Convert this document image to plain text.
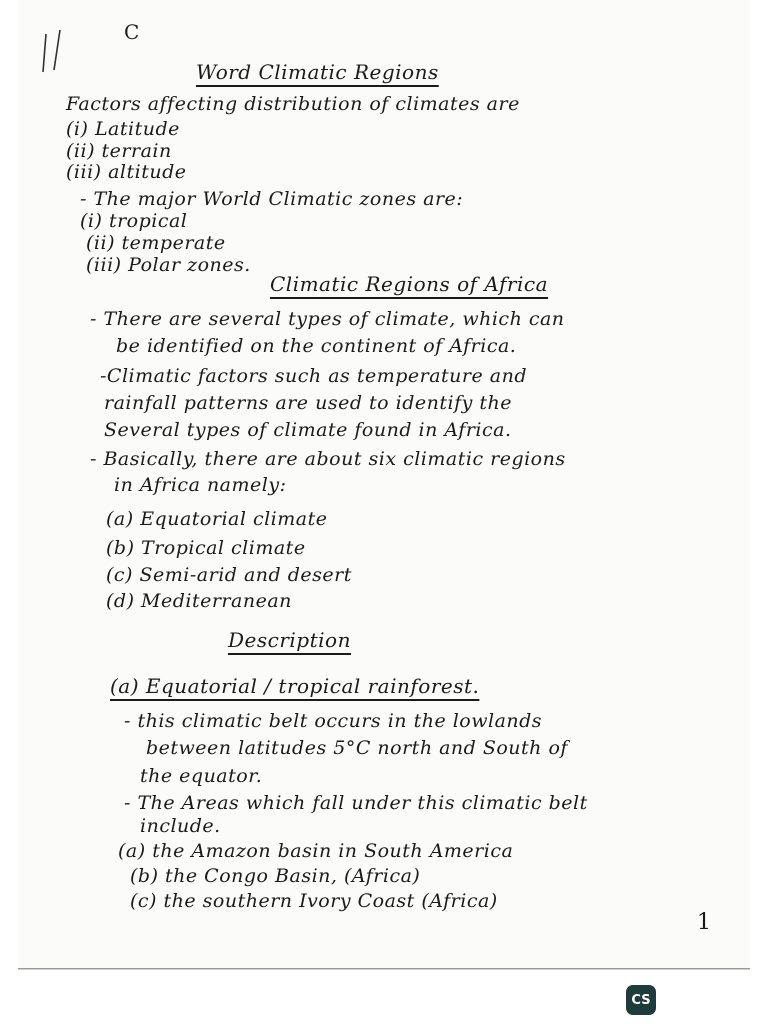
C
Word Climatic Regions
Factors affecting distribution of climates are
(i) Latitude
(ii) terrain
(iii) altitude
- The major World Climatic zones are:
(i) tropical
(ii) temperate
(iii) Polar zones.
Climatic Regions of Africa
- There are several types of climate, which can
be identified on the continent of Africa.
-Climatic factors such as temperature and
rainfall patterns are used to identify the
Several types of climate found in Africa.
- Basically, there are about six climatic regions
in Africa namely:
(a) Equatorial climate
(b) Tropical climate
(c) Semi-arid and desert
(d) Mediterranean
Description
(a) Equatorial / tropical rainforest.
- this climatic belt occurs in the lowlands
between latitudes 5°C north and South of
the equator.
- The Areas which fall under this climatic belt
include.
(a) the Amazon basin in South America
(b) the Congo Basin, (Africa)
(c) the southern Ivory Coast (Africa)
1
CS
